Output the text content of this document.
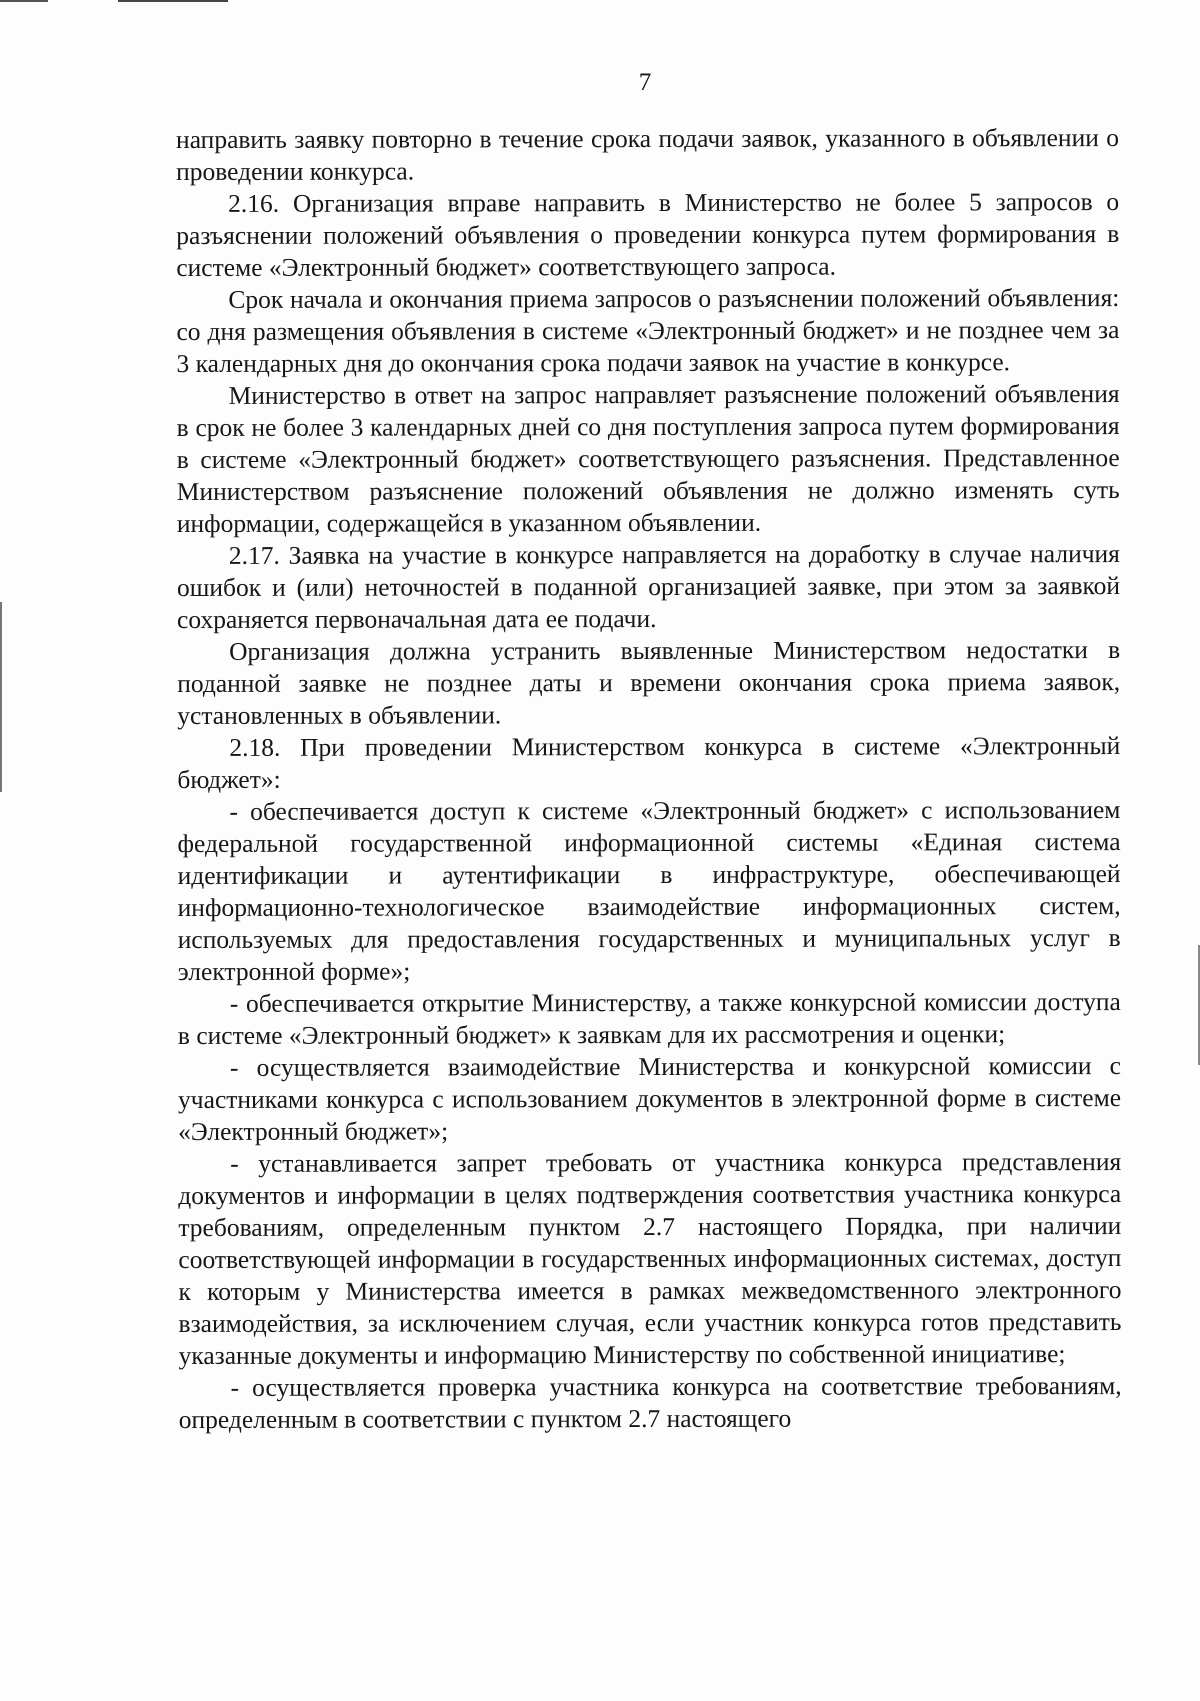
7

направить заявку повторно в течение срока подачи заявок, указанного в объявлении о проведении конкурса.

2.16. Организация вправе направить в Министерство не более 5 запросов о разъяснении положений объявления о проведении конкурса путем формирования в системе «Электронный бюджет» соответствующего запроса.

Срок начала и окончания приема запросов о разъяснении положений объявления: со дня размещения объявления в системе «Электронный бюджет» и не позднее чем за 3 календарных дня до окончания срока подачи заявок на участие в конкурсе.

Министерство в ответ на запрос направляет разъяснение положений объявления в срок не более 3 календарных дней со дня поступления запроса путем формирования в системе «Электронный бюджет» соответствующего разъяснения. Представленное Министерством разъяснение положений объявления не должно изменять суть информации, содержащейся в указанном объявлении.

2.17. Заявка на участие в конкурсе направляется на доработку в случае наличия ошибок и (или) неточностей в поданной организацией заявке, при этом за заявкой сохраняется первоначальная дата ее подачи.

Организация должна устранить выявленные Министерством недостатки в поданной заявке не позднее даты и времени окончания срока приема заявок, установленных в объявлении.

2.18. При проведении Министерством конкурса в системе «Электронный бюджет»:

- обеспечивается доступ к системе «Электронный бюджет» с использованием федеральной государственной информационной системы «Единая система идентификации и аутентификации в инфраструктуре, обеспечивающей информационно-технологическое взаимодействие информационных систем, используемых для предоставления государственных и муниципальных услуг в электронной форме»;

- обеспечивается открытие Министерству, а также конкурсной комиссии доступа в системе «Электронный бюджет» к заявкам для их рассмотрения и оценки;

- осуществляется взаимодействие Министерства и конкурсной комиссии с участниками конкурса с использованием документов в электронной форме в системе «Электронный бюджет»;

- устанавливается запрет требовать от участника конкурса представления документов и информации в целях подтверждения соответствия участника конкурса требованиям, определенным пунктом 2.7 настоящего Порядка, при наличии соответствующей информации в государственных информационных системах, доступ к которым у Министерства имеется в рамках межведомственного электронного взаимодействия, за исключением случая, если участник конкурса готов представить указанные документы и информацию Министерству по собственной инициативе;

- осуществляется проверка участника конкурса на соответствие требованиям, определенным в соответствии с пунктом 2.7 настоящего
